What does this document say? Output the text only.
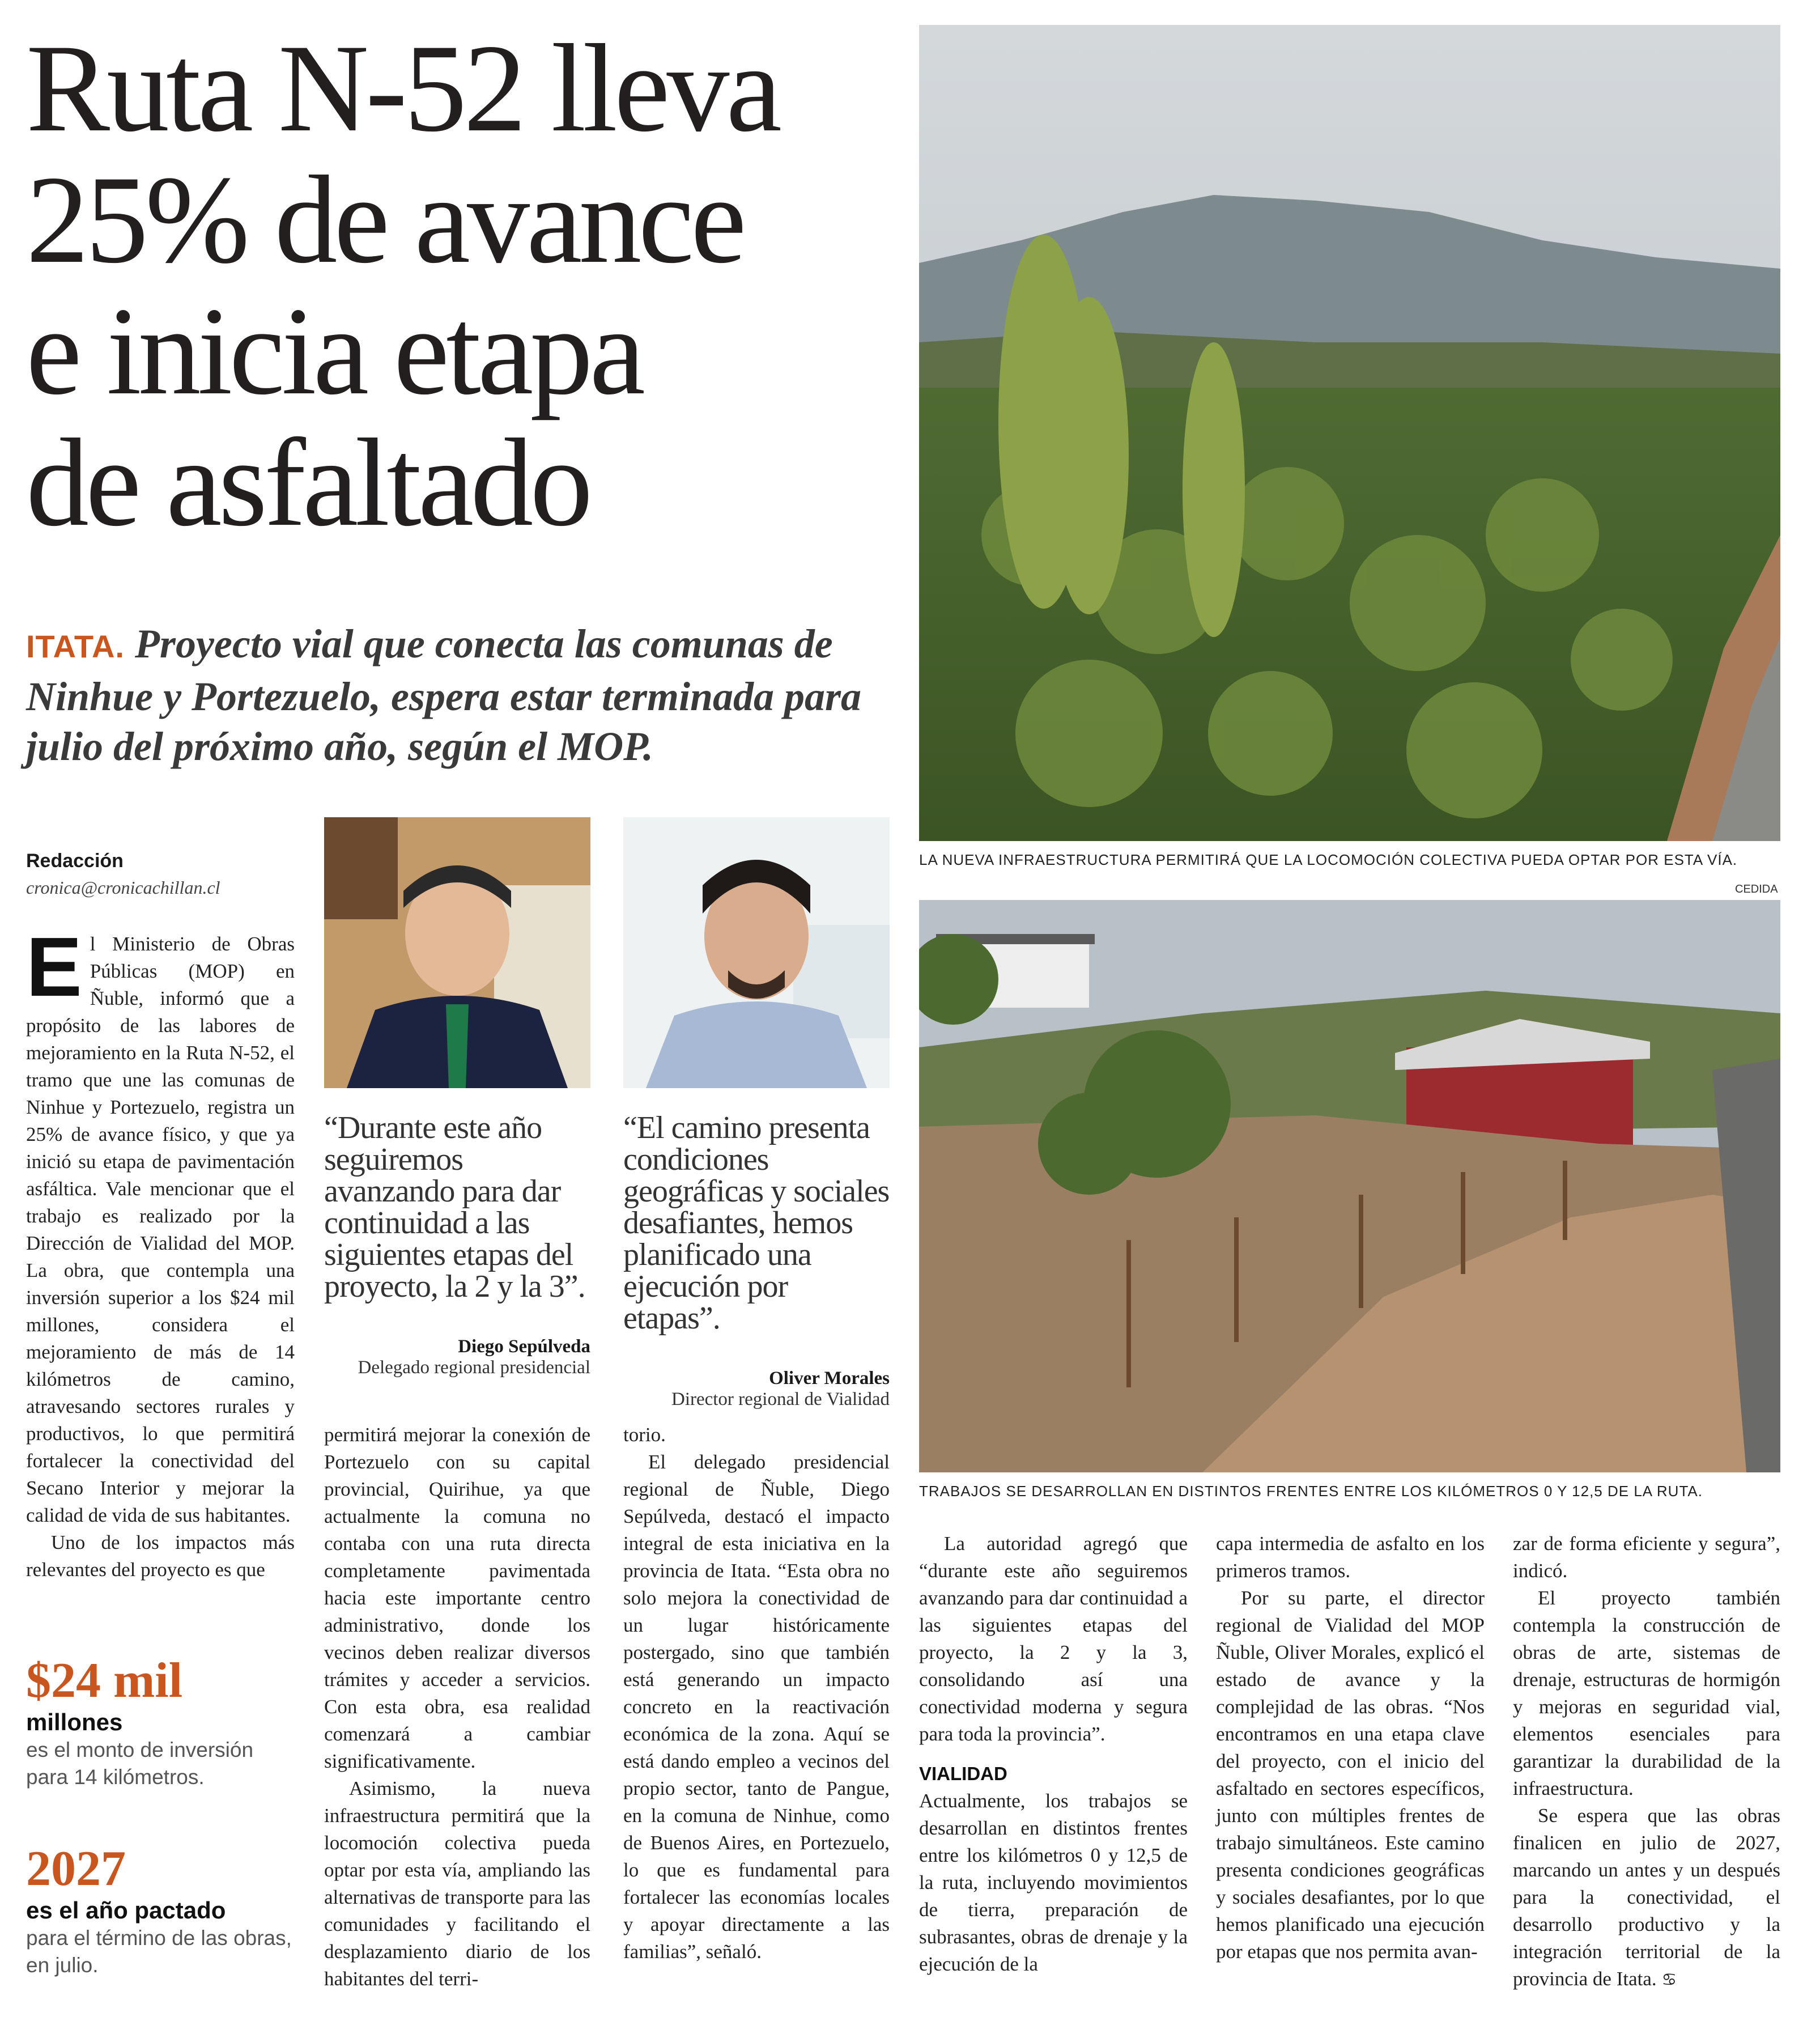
Ruta N-52 lleva
25% de avance
e inicia etapa
de asfaltado
ITATA. Proyecto vial que conecta las comunas de Ninhue y Portezuelo, espera estar terminada para julio del próximo año, según el MOP.
LA NUEVA INFRAESTRUCTURA PERMITIRÁ QUE LA LOCOMOCIÓN COLECTIVA PUEDA OPTAR POR ESTA VÍA.
CEDIDA
TRABAJOS SE DESARROLLAN EN DISTINTOS FRENTES ENTRE LOS KILÓMETROS 0 Y 12,5 DE LA RUTA.
Redacción
cronica@cronicachillan.cl

El Ministerio de Obras Públicas (MOP) en Ñuble, informó que a propósito de las labores de mejoramiento en la Ruta N-52, el tramo que une las comunas de Ninhue y Portezuelo, registra un 25% de avance físico, y que ya inició su etapa de pavimentación asfáltica. Vale mencionar que el trabajo es realizado por la Dirección de Vialidad del MOP. La obra, que contempla una inversión superior a los $24 mil millones, considera el mejoramiento de más de 14 kilómetros de camino, atravesando sectores rurales y productivos, lo que permitirá fortalecer la conectividad del Secano Interior y mejorar la calidad de vida de sus habitantes.

Uno de los impactos más relevantes del proyecto es que

$24 mil
millones
es el monto de inversión para 14 kilómetros.
2027
es el año pactado
para el término de las obras, en julio.
“Durante este año seguiremos avanzando para dar continuidad a las siguientes etapas del proyecto, la 2 y la 3”.
Diego Sepúlveda
Delegado regional presidencial
“El camino presenta condiciones geográficas y sociales desafiantes, hemos planificado una ejecución por etapas”.
Oliver Morales
Director regional de Vialidad

permitirá mejorar la conexión de Portezuelo con su capital provincial, Quirihue, ya que actualmente la comuna no contaba con una ruta directa completamente pavimentada hacia este importante centro administrativo, donde los vecinos deben realizar diversos trámites y acceder a servicios. Con esta obra, esa realidad comenzará a cambiar significativamente.

Asimismo, la nueva infraestructura permitirá que la locomoción colectiva pueda optar por esta vía, ampliando las alternativas de transporte para las comunidades y facilitando el desplazamiento diario de los habitantes del terri-

torio.

El delegado presidencial regional de Ñuble, Diego Sepúlveda, destacó el impacto integral de esta iniciativa en la provincia de Itata. “Esta obra no solo mejora la conectividad de un lugar históricamente postergado, sino que también está generando un impacto concreto en la reactivación económica de la zona. Aquí se está dando empleo a vecinos del propio sector, tanto de Pangue, en la comuna de Ninhue, como de Buenos Aires, en Portezuelo, lo que es fundamental para fortalecer las economías locales y apoyar directamente a las familias”, señaló.

La autoridad agregó que “durante este año seguiremos avanzando para dar continuidad a las siguientes etapas del proyecto, la 2 y la 3, consolidando así una conectividad moderna y segura para toda la provincia”.

VIALIDAD

Actualmente, los trabajos se desarrollan en distintos frentes entre los kilómetros 0 y 12,5 de la ruta, incluyendo movimientos de tierra, preparación de subrasantes, obras de drenaje y la ejecución de la

capa intermedia de asfalto en los primeros tramos.

Por su parte, el director regional de Vialidad del MOP Ñuble, Oliver Morales, explicó el estado de avance y la complejidad de las obras. “Nos encontramos en una etapa clave del proyecto, con el inicio del asfaltado en sectores específicos, junto con múltiples frentes de trabajo simultáneos. Este camino presenta condiciones geográficas y sociales desafiantes, por lo que hemos planificado una ejecución por etapas que nos permita avan-

zar de forma eficiente y segura”, indicó.

El proyecto también contempla la construcción de obras de arte, sistemas de drenaje, estructuras de hormigón y mejoras en seguridad vial, elementos esenciales para garantizar la durabilidad de la infraestructura.

Se espera que las obras finalicen en julio de 2027, marcando un antes y un después para la conectividad, el desarrollo productivo y la integración territorial de la provincia de Itata. ♋
